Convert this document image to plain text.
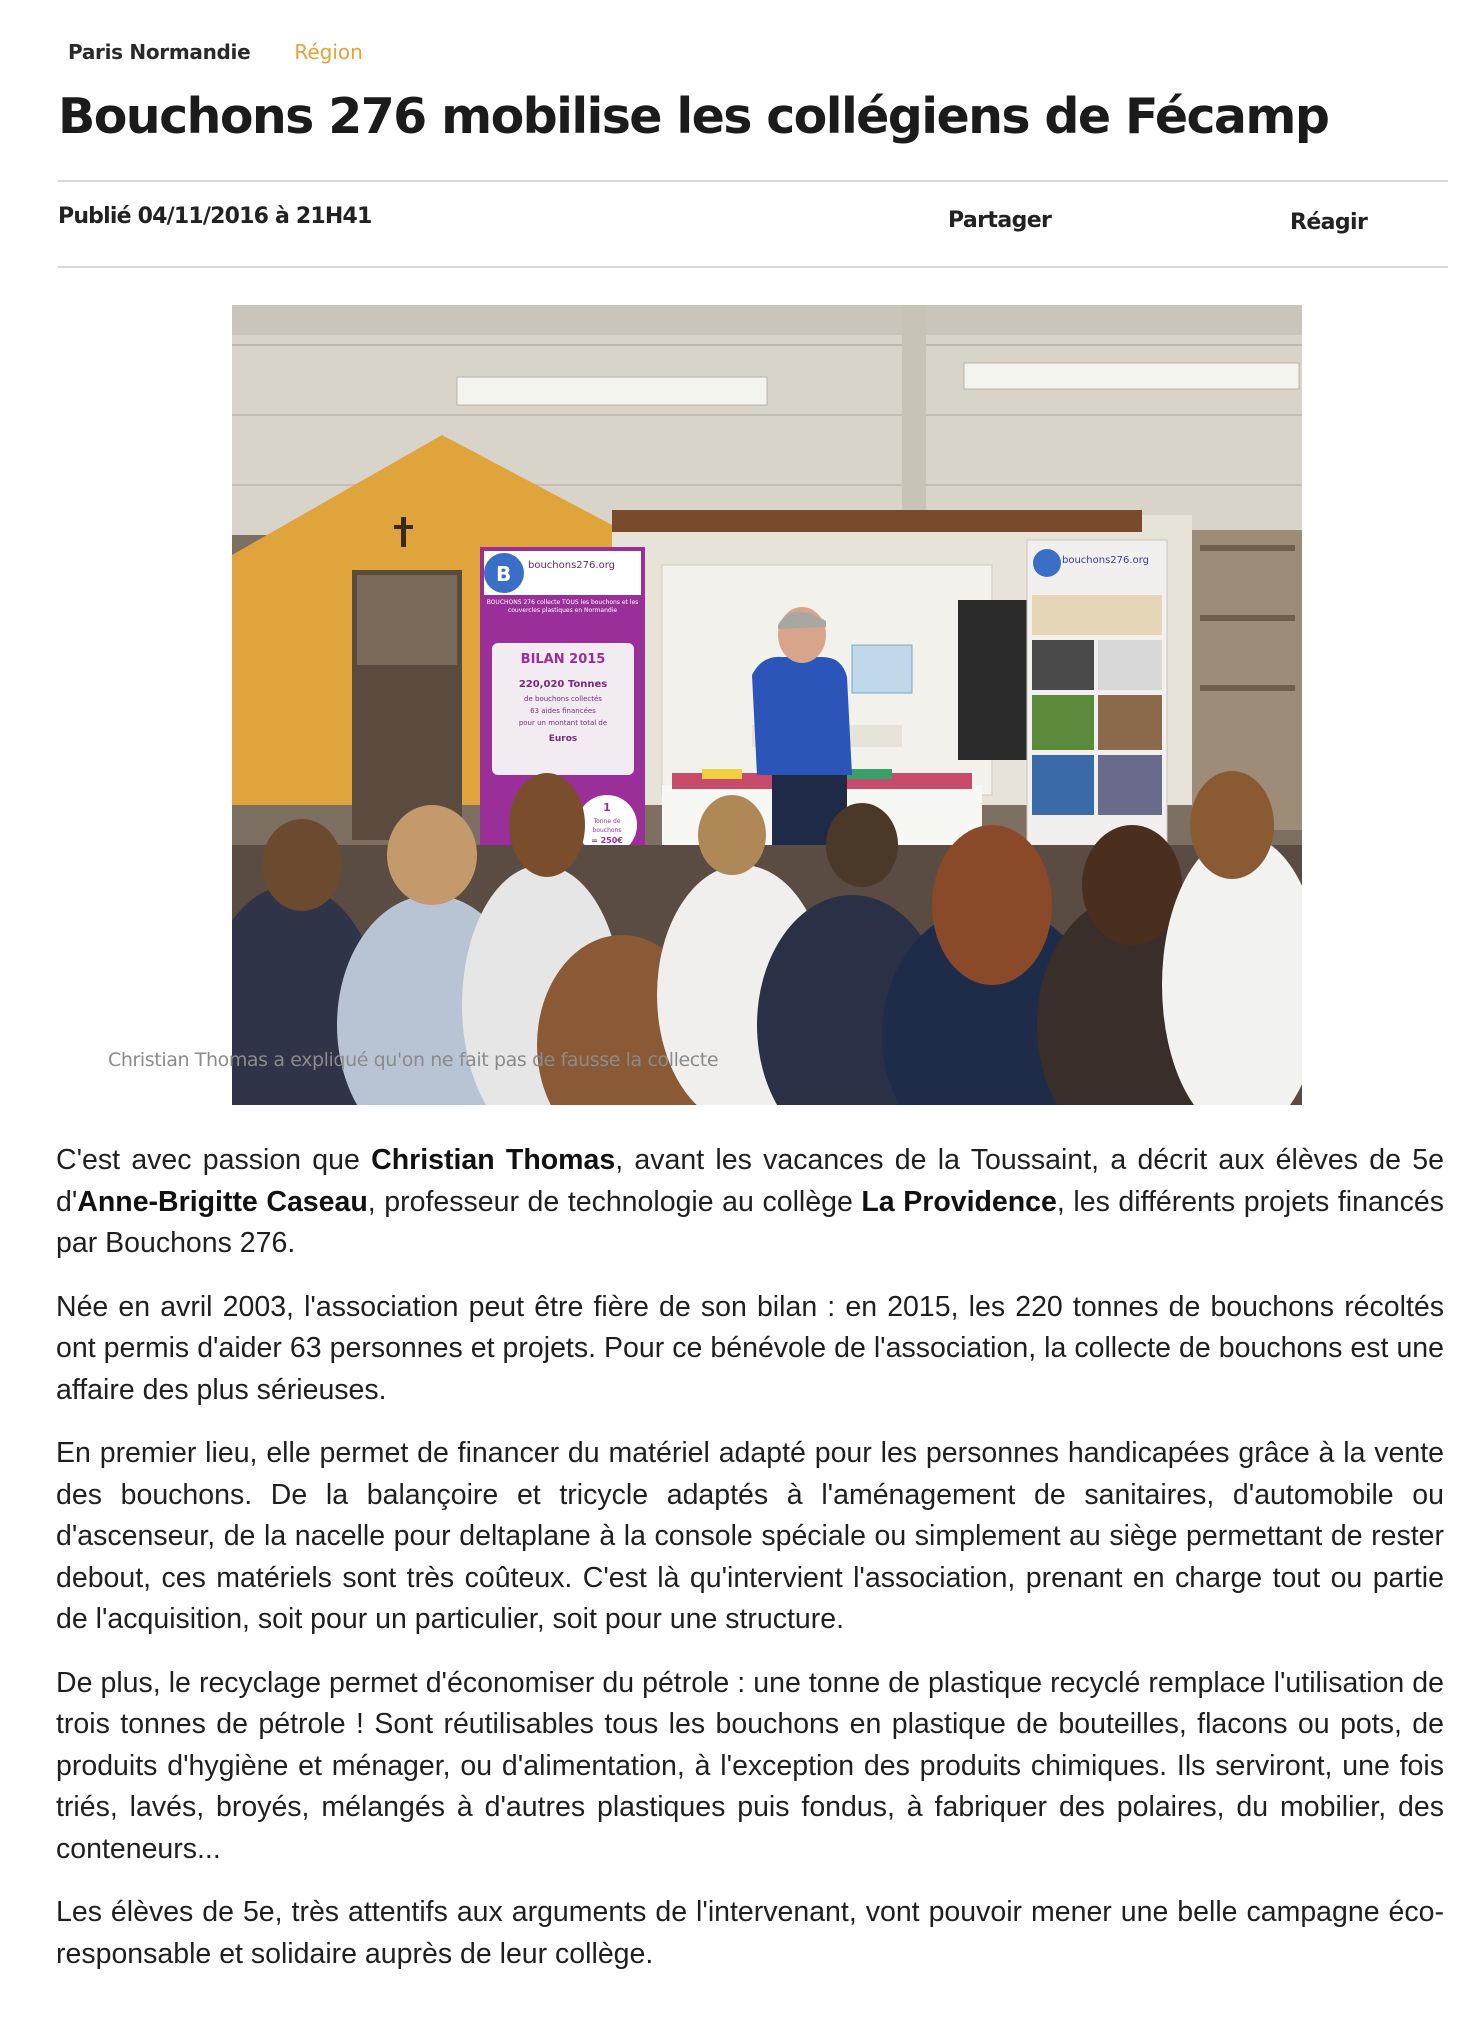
Paris Normandie Région
Bouchons 276 mobilise les collégiens de Fécamp
Publié 04/11/2016 à 21H41	Partager	Réagir
B bouchons276.org
BOUCHONS 276 collecte TOUS les bouchons et les couvercles plastiques en Normandie
BILAN 2015
220,020 Tonnes
de bouchons collectés
63 aides financées
pour un montant total de
Euros
1
Tonne de
bouchons
= 250€
bouchons276.org
Christian Thomas a expliqué qu'on ne fait pas de fausse la collecte

C'est avec passion que Christian Thomas, avant les vacances de la Toussaint, a décrit aux élèves de 5e d'Anne-Brigitte Caseau, professeur de technologie au collège La Providence, les différents projets financés par Bouchons 276.

Née en avril 2003, l'association peut être fière de son bilan : en 2015, les 220 tonnes de bouchons récoltés ont permis d'aider 63 personnes et projets. Pour ce bénévole de l'association, la collecte de bouchons est une affaire des plus sérieuses.

En premier lieu, elle permet de financer du matériel adapté pour les personnes handicapées grâce à la vente des bouchons. De la balançoire et tricycle adaptés à l'aménagement de sanitaires, d'automobile ou d'ascenseur, de la nacelle pour deltaplane à la console spéciale ou simplement au siège permettant de rester debout, ces matériels sont très coûteux. C'est là qu'intervient l'association, prenant en charge tout ou partie de l'acquisition, soit pour un particulier, soit pour une structure.

De plus, le recyclage permet d'économiser du pétrole : une tonne de plastique recyclé remplace l'utilisation de trois tonnes de pétrole ! Sont réutilisables tous les bouchons en plastique de bouteilles, flacons ou pots, de produits d'hygiène et ménager, ou d'alimentation, à l'exception des produits chimiques. Ils serviront, une fois triés, lavés, broyés, mélangés à d'autres plastiques puis fondus, à fabriquer des polaires, du mobilier, des conteneurs...

Les élèves de 5e, très attentifs aux arguments de l'intervenant, vont pouvoir mener une belle campagne éco-responsable et solidaire auprès de leur collège.
